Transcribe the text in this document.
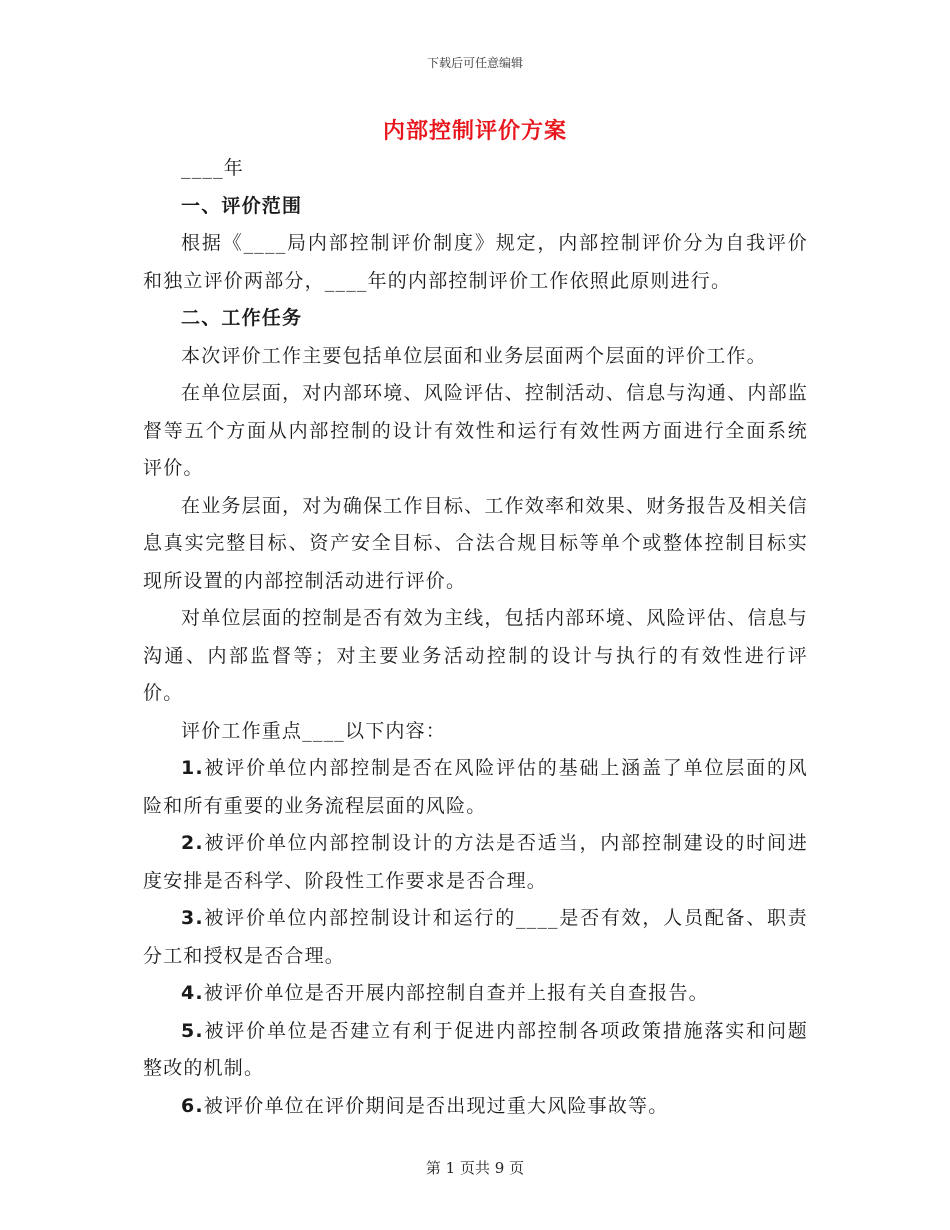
下载后可任意编辑
内部控制评价方案

____年

一、评价范围

根据《____局内部控制评价制度》规定，内部控制评价分为自我评价和独立评价两部分，____年的内部控制评价工作依照此原则进行。

二、工作任务

本次评价工作主要包括单位层面和业务层面两个层面的评价工作。

在单位层面，对内部环境、风险评估、控制活动、信息与沟通、内部监督等五个方面从内部控制的设计有效性和运行有效性两方面进行全面系统评价。

在业务层面，对为确保工作目标、工作效率和效果、财务报告及相关信息真实完整目标、资产安全目标、合法合规目标等单个或整体控制目标实现所设置的内部控制活动进行评价。

对单位层面的控制是否有效为主线，包括内部环境、风险评估、信息与沟通、内部监督等；对主要业务活动控制的设计与执行的有效性进行评价。

评价工作重点____以下内容：

1.被评价单位内部控制是否在风险评估的基础上涵盖了单位层面的风险和所有重要的业务流程层面的风险。

2.被评价单位内部控制设计的方法是否适当，内部控制建设的时间进度安排是否科学、阶段性工作要求是否合理。

3.被评价单位内部控制设计和运行的____是否有效，人员配备、职责分工和授权是否合理。

4.被评价单位是否开展内部控制自查并上报有关自查报告。

5.被评价单位是否建立有利于促进内部控制各项政策措施落实和问题整改的机制。

6.被评价单位在评价期间是否出现过重大风险事故等。

第 1 页共 9 页
